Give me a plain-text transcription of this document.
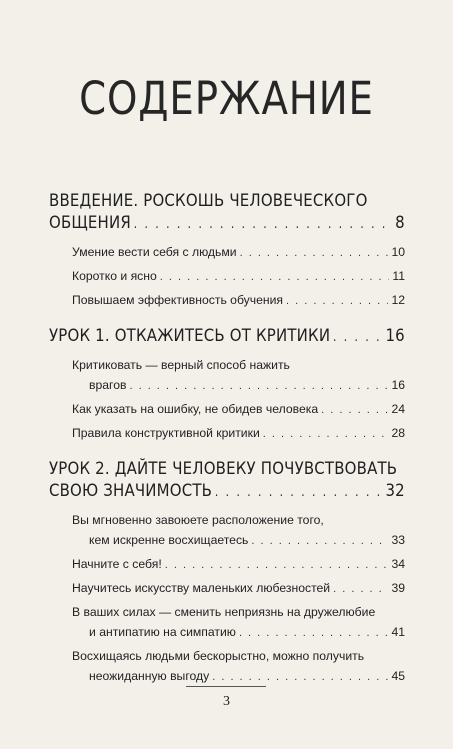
СОДЕРЖАНИЕ
ВВЕДЕНИЕ. РОСКОШЬ ЧЕЛОВЕЧЕСКОГО
ОБЩЕНИЯ . . .	8
Умение вести себя с людьми . . .	10
Коротко и ясно . . .	11
Повышаем эффективность обучения . . .	12
УРОК 1. ОТКАЖИТЕСЬ ОТ КРИТИКИ . . .	16
Критиковать — верный способ нажить
врагов . . .	16
Как указать на ошибку, не обидев человека . . .	24
Правила конструктивной критики . . .	28
УРОК 2. ДАЙТЕ ЧЕЛОВЕКУ ПОЧУВСТВОВАТЬ
СВОЮ ЗНАЧИМОСТЬ . . .	32
Вы мгновенно завоюете расположение того,
кем искренне восхищаетесь . . .	33
Начните с себя! . . .	34
Научитесь искусству маленьких любезностей . . .	39
В ваших силах — сменить неприязнь на дружелюбие
и антипатию на симпатию . . .	41
Восхищаясь людьми бескорыстно, можно получить
неожиданную выгоду . . .	45
3
